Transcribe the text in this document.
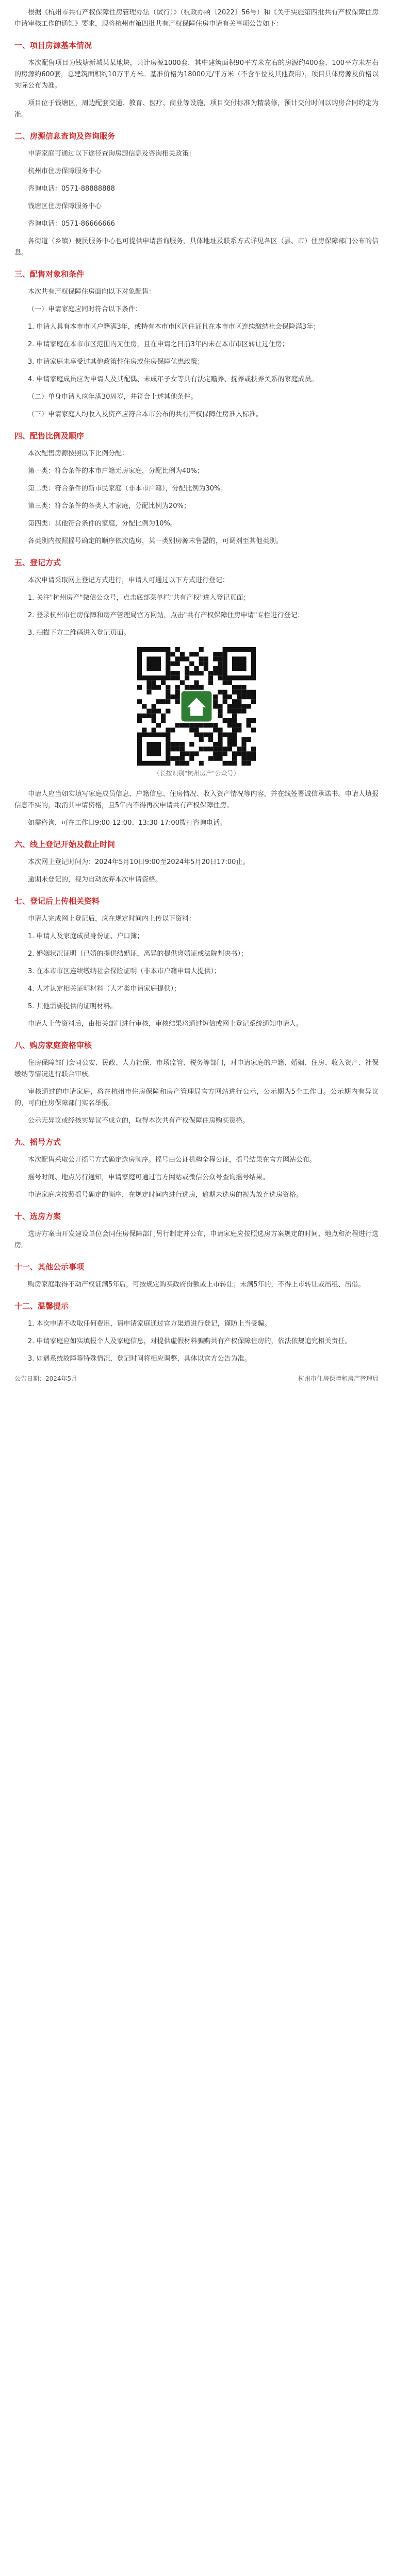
根据《杭州市共有产权保障住房管理办法（试行）》（杭政办函〔2022〕56号）和《关于实施第四批共有产权保障住房申请审核工作的通知》要求，现将杭州市第四批共有产权保障住房申请有关事项公告如下：

一、项目房源基本情况

本次配售项目为钱塘新城某某地块，共计房源1000套，其中建筑面积90平方米左右的房源约400套、100平方米左右的房源约600套，总建筑面积约10万平方米。基准价格为18000元/平方米（不含车位及其他费用），项目具体房源及价格以实际公布为准。

项目位于钱塘区，周边配套交通、教育、医疗、商业等设施，项目交付标准为精装修，预计交付时间以购房合同约定为准。

二、房源信息查询及咨询服务

申请家庭可通过以下途径查询房源信息及咨询相关政策：

杭州市住房保障服务中心

咨询电话：0571-88888888

钱塘区住房保障服务中心

咨询电话：0571-86666666

各街道（乡镇）便民服务中心也可提供申请咨询服务，具体地址及联系方式详见各区（县、市）住房保障部门公布的信息。

三、配售对象和条件

本次共有产权保障住房面向以下对象配售：

（一）申请家庭应同时符合以下条件：

1. 申请人具有本市市区户籍满3年，或持有本市市区居住证且在本市市区连续缴纳社会保险满3年；

2. 申请家庭在本市市区范围内无住房，且在申请之日前3年内未在本市市区转让过住房；

3. 申请家庭未享受过其他政策性住房或住房保障优惠政策；

4. 申请家庭成员应为申请人及其配偶、未成年子女等具有法定赡养、抚养或扶养关系的家庭成员。

（二）单身申请人应年满30周岁，并符合上述其他条件。

（三）申请家庭人均收入及资产应符合本市公布的共有产权保障住房准入标准。

四、配售比例及顺序

本次配售房源按照以下比例分配：

第一类：符合条件的本市户籍无房家庭，分配比例为40%；

第二类：符合条件的新市民家庭（非本市户籍），分配比例为30%；

第三类：符合条件的各类人才家庭，分配比例为20%；

第四类：其他符合条件的家庭，分配比例为10%。

各类别内按照摇号确定的顺序依次选房，某一类别房源未售罄的，可调剂至其他类别。

五、登记方式

本次申请采取网上登记方式进行，申请人可通过以下方式进行登记：

1. 关注"杭州房产"微信公众号，点击底部菜单栏"共有产权"进入登记页面；

2. 登录杭州市住房保障和房产管理局官方网站，点击"共有产权保障住房申请"专栏进行登记；

3. 扫描下方二维码进入登记页面。

（长按识别"杭州房产"公众号）

申请人应当如实填写家庭成员信息、户籍信息、住房情况、收入资产情况等内容，并在线签署诚信承诺书。申请人填报信息不实的，取消其申请资格，且5年内不得再次申请共有产权保障住房。

如需咨询，可在工作日9:00-12:00、13:30-17:00拨打咨询电话。

六、线上登记开始及截止时间

本次网上登记时间为：2024年5月10日9:00至2024年5月20日17:00止。

逾期未登记的，视为自动放弃本次申请资格。

七、登记后上传相关资料

申请人完成网上登记后，应在规定时间内上传以下资料：

1. 申请人及家庭成员身份证、户口簿；

2. 婚姻状况证明（已婚的提供结婚证，离异的提供离婚证或法院判决书）；

3. 在本市市区连续缴纳社会保险证明（非本市户籍申请人提供）；

4. 人才认定相关证明材料（人才类申请家庭提供）；

5. 其他需要提供的证明材料。

申请人上传资料后，由相关部门进行审核，审核结果将通过短信或网上登记系统通知申请人。

八、购房家庭资格审核

住房保障部门会同公安、民政、人力社保、市场监管、税务等部门，对申请家庭的户籍、婚姻、住房、收入资产、社保缴纳等情况进行联合审核。

审核通过的申请家庭，将在杭州市住房保障和房产管理局官方网站进行公示，公示期为5个工作日。公示期内有异议的，可向住房保障部门实名举报。

公示无异议或经核实异议不成立的，取得本次共有产权保障住房购买资格。

九、摇号方式

本次配售采取公开摇号方式确定选房顺序。摇号由公证机构全程公证，摇号结果在官方网站公布。

摇号时间、地点另行通知，申请家庭可通过官方网站或微信公众号查询摇号结果。

申请家庭应按照摇号确定的顺序，在规定时间内进行选房，逾期未选房的视为放弃选房资格。

十、选房方案

选房方案由开发建设单位会同住房保障部门另行制定并公布，申请家庭应按照选房方案规定的时间、地点和流程进行选房。

十一、其他公示事项

购房家庭取得不动产权证满5年后，可按规定购买政府份额或上市转让；未满5年的，不得上市转让或出租、出借。

十二、温馨提示

1. 本次申请不收取任何费用，请申请家庭通过官方渠道进行登记，谨防上当受骗。

2. 申请家庭应如实填报个人及家庭信息，对提供虚假材料骗购共有产权保障住房的，依法依规追究相关责任。

3. 如遇系统故障等特殊情况，登记时间将相应调整，具体以官方公告为准。

公告日期：2024年5月	杭州市住房保障和房产管理局
